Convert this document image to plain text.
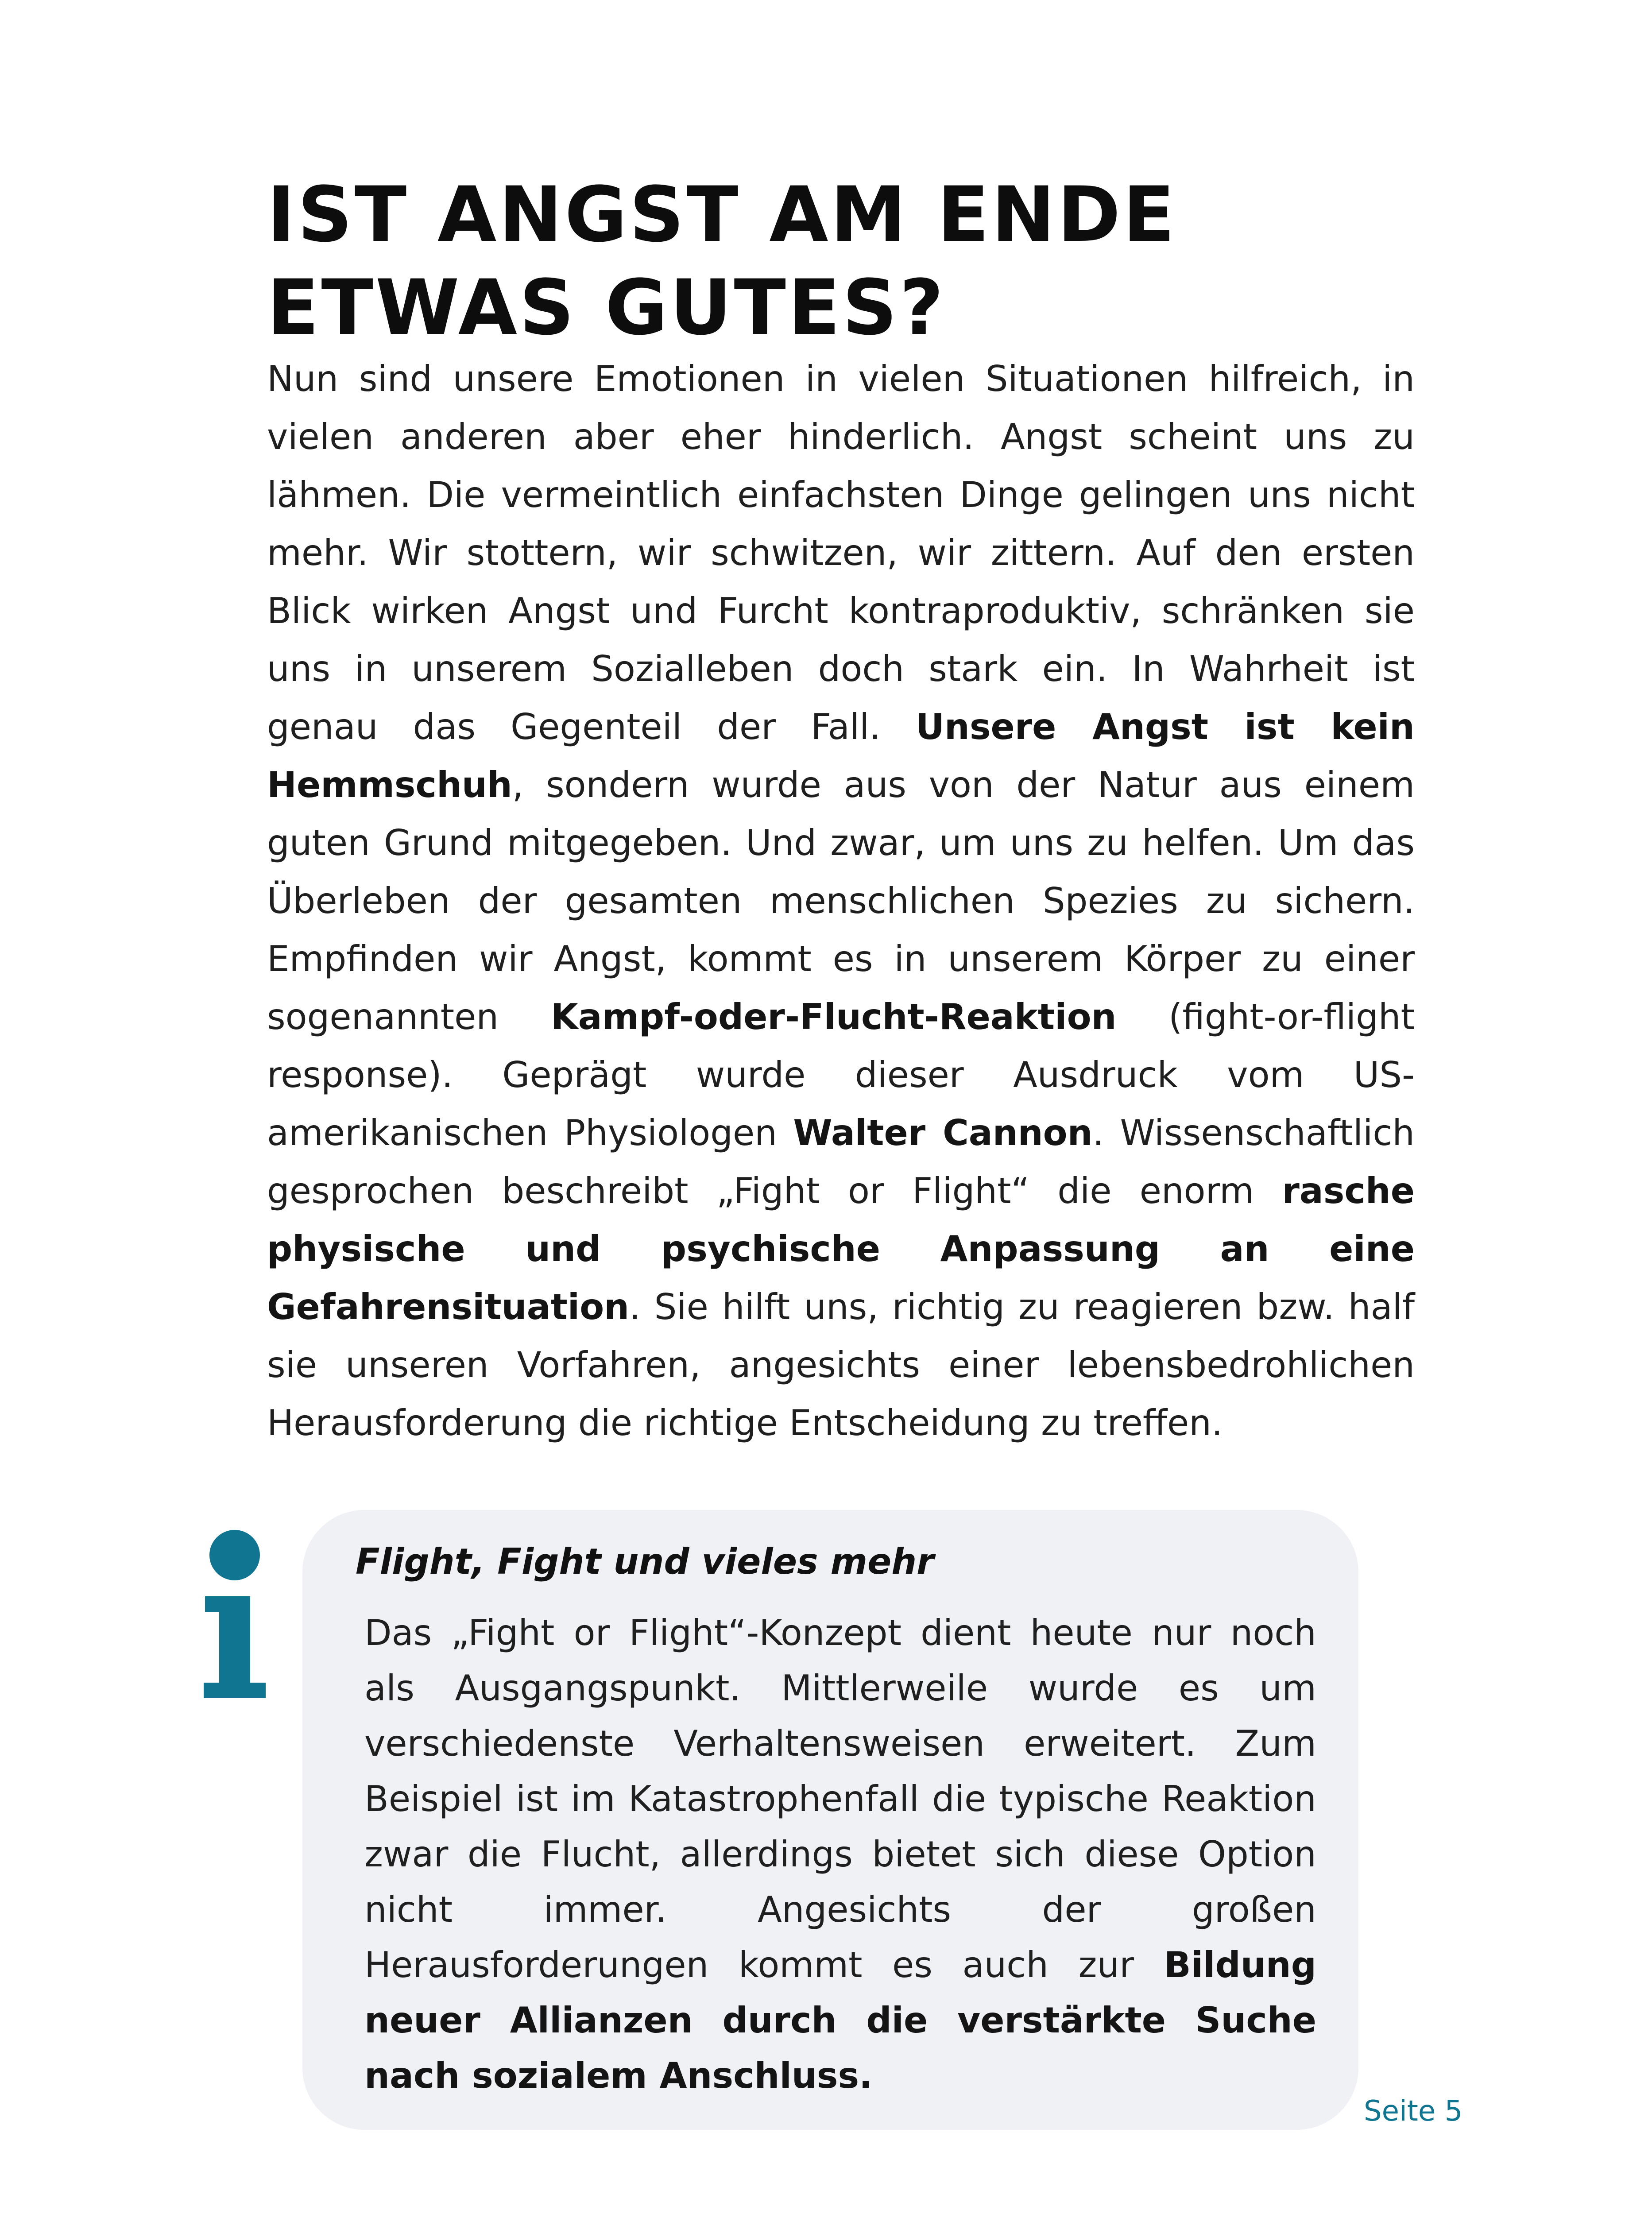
IST ANGST AM ENDE
ETWAS GUTES?

Nun sind unsere Emotionen in vielen Situationen hilfreich, in vielen anderen aber eher hinderlich. Angst scheint uns zu lähmen. Die vermeintlich einfachsten Dinge gelingen uns nicht mehr. Wir stottern, wir schwitzen, wir zittern. Auf den ersten Blick wirken Angst und Furcht kontraproduktiv, schränken sie uns in unserem Sozialleben doch stark ein. In Wahrheit ist genau das Gegenteil der Fall. Unsere Angst ist kein Hemmschuh, sondern wurde aus von der Natur aus einem guten Grund mitgegeben. Und zwar, um uns zu helfen. Um das Überleben der gesamten menschlichen Spezies zu sichern. Empfinden wir Angst, kommt es in unserem Körper zu einer sogenannten Kampf-oder-Flucht-Reaktion (fight-or-flight response). Geprägt wurde dieser Ausdruck vom US-amerikanischen Physiologen Walter Cannon. Wissenschaftlich gesprochen beschreibt „Fight or Flight“ die enorm rasche physische und psychische Anpassung an eine Gefahrensituation. Sie hilft uns, richtig zu reagieren bzw. half sie unseren Vorfahren, angesichts einer lebensbedrohlichen Herausforderung die richtige Entscheidung zu treffen.

Flight, Fight und vieles mehr

Das „Fight or Flight“-Konzept dient heute nur noch als Ausgangspunkt. Mittlerweile wurde es um verschiedenste Verhaltensweisen erweitert. Zum Beispiel ist im Katastrophenfall die typische Reaktion zwar die Flucht, allerdings bietet sich diese Option nicht immer. Angesichts der großen Herausforderungen kommt es auch zur Bildung neuer Allianzen durch die verstärkte Suche nach sozialem Anschluss.

Seite 5
